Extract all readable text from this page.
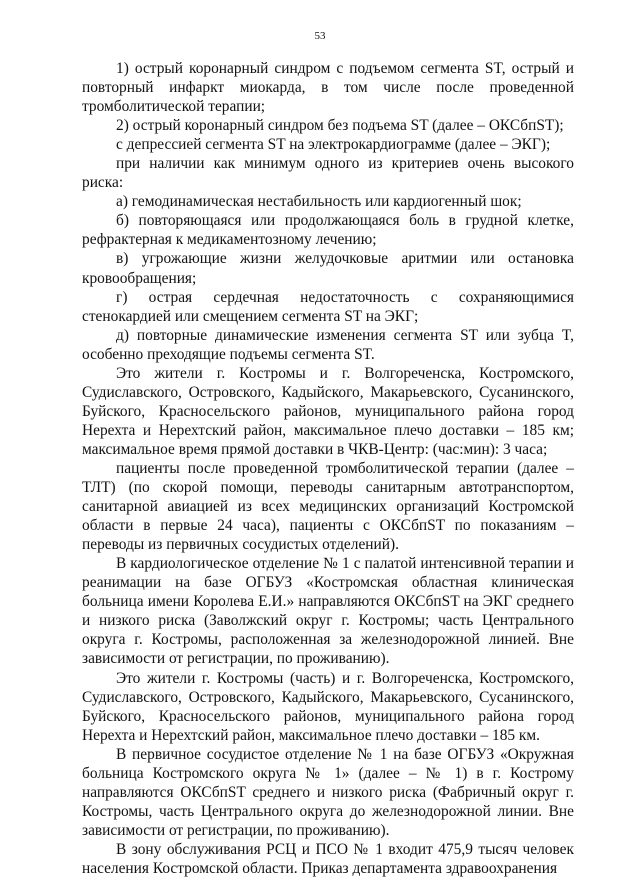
53

1) острый коронарный синдром с подъемом сегмента ST, острый и повторный инфаркт миокарда, в том числе после проведенной тромболитической терапии;

2) острый коронарный синдром без подъема ST (далее – ОКСбпST);

с депрессией сегмента ST на электрокардиограмме (далее – ЭКГ);

при наличии как минимум одного из критериев очень высокого риска:

а) гемодинамическая нестабильность или кардиогенный шок;

б) повторяющаяся или продолжающаяся боль в грудной клетке, рефрактерная к медикаментозному лечению;

в) угрожающие жизни желудочковые аритмии или остановка кровообращения;

г) острая сердечная недостаточность с сохраняющимися стенокардией или смещением сегмента ST на ЭКГ;

д) повторные динамические изменения сегмента ST или зубца T, особенно преходящие подъемы сегмента ST.

Это жители г. Костромы и г. Волгореченска, Костромского, Судиславского, Островского, Кадыйского, Макарьевского, Сусанинского, Буйского, Красносельского районов, муниципального района город Нерехта и Нерехтский район, максимальное плечо доставки – 185 км; максимальное время прямой доставки в ЧКВ-Центр: (час:мин): 3 часа;

пациенты после проведенной тромболитической терапии (далее – ТЛТ) (по скорой помощи, переводы санитарным автотранспортом, санитарной авиацией из всех медицинских организаций Костромской области в первые 24 часа), пациенты с ОКСбпST по показаниям – переводы из первичных сосудистых отделений).

В кардиологическое отделение № 1 с палатой интенсивной терапии и реанимации на базе ОГБУЗ «Костромская областная клиническая больница имени Королева Е.И.» направляются ОКСбпST на ЭКГ среднего и низкого риска (Заволжский округ г. Костромы; часть Центрального округа г. Костромы, расположенная за железнодорожной линией. Вне зависимости от регистрации, по проживанию).

Это жители г. Костромы (часть) и г. Волгореченска, Костромского, Судиславского, Островского, Кадыйского, Макарьевского, Сусанинского, Буйского, Красносельского районов, муниципального района город Нерехта и Нерехтский район, максимальное плечо доставки – 185 км.

В первичное сосудистое отделение № 1 на базе ОГБУЗ «Окружная больница Костромского округа № 1» (далее – № 1) в г. Кострому направляются ОКСбпST среднего и низкого риска (Фабричный округ г. Костромы, часть Центрального округа до железнодорожной линии. Вне зависимости от регистрации, по проживанию).

В зону обслуживания РСЦ и ПСО № 1 входит 475,9 тысяч человек населения Костромской области. Приказ департамента здравоохранения
